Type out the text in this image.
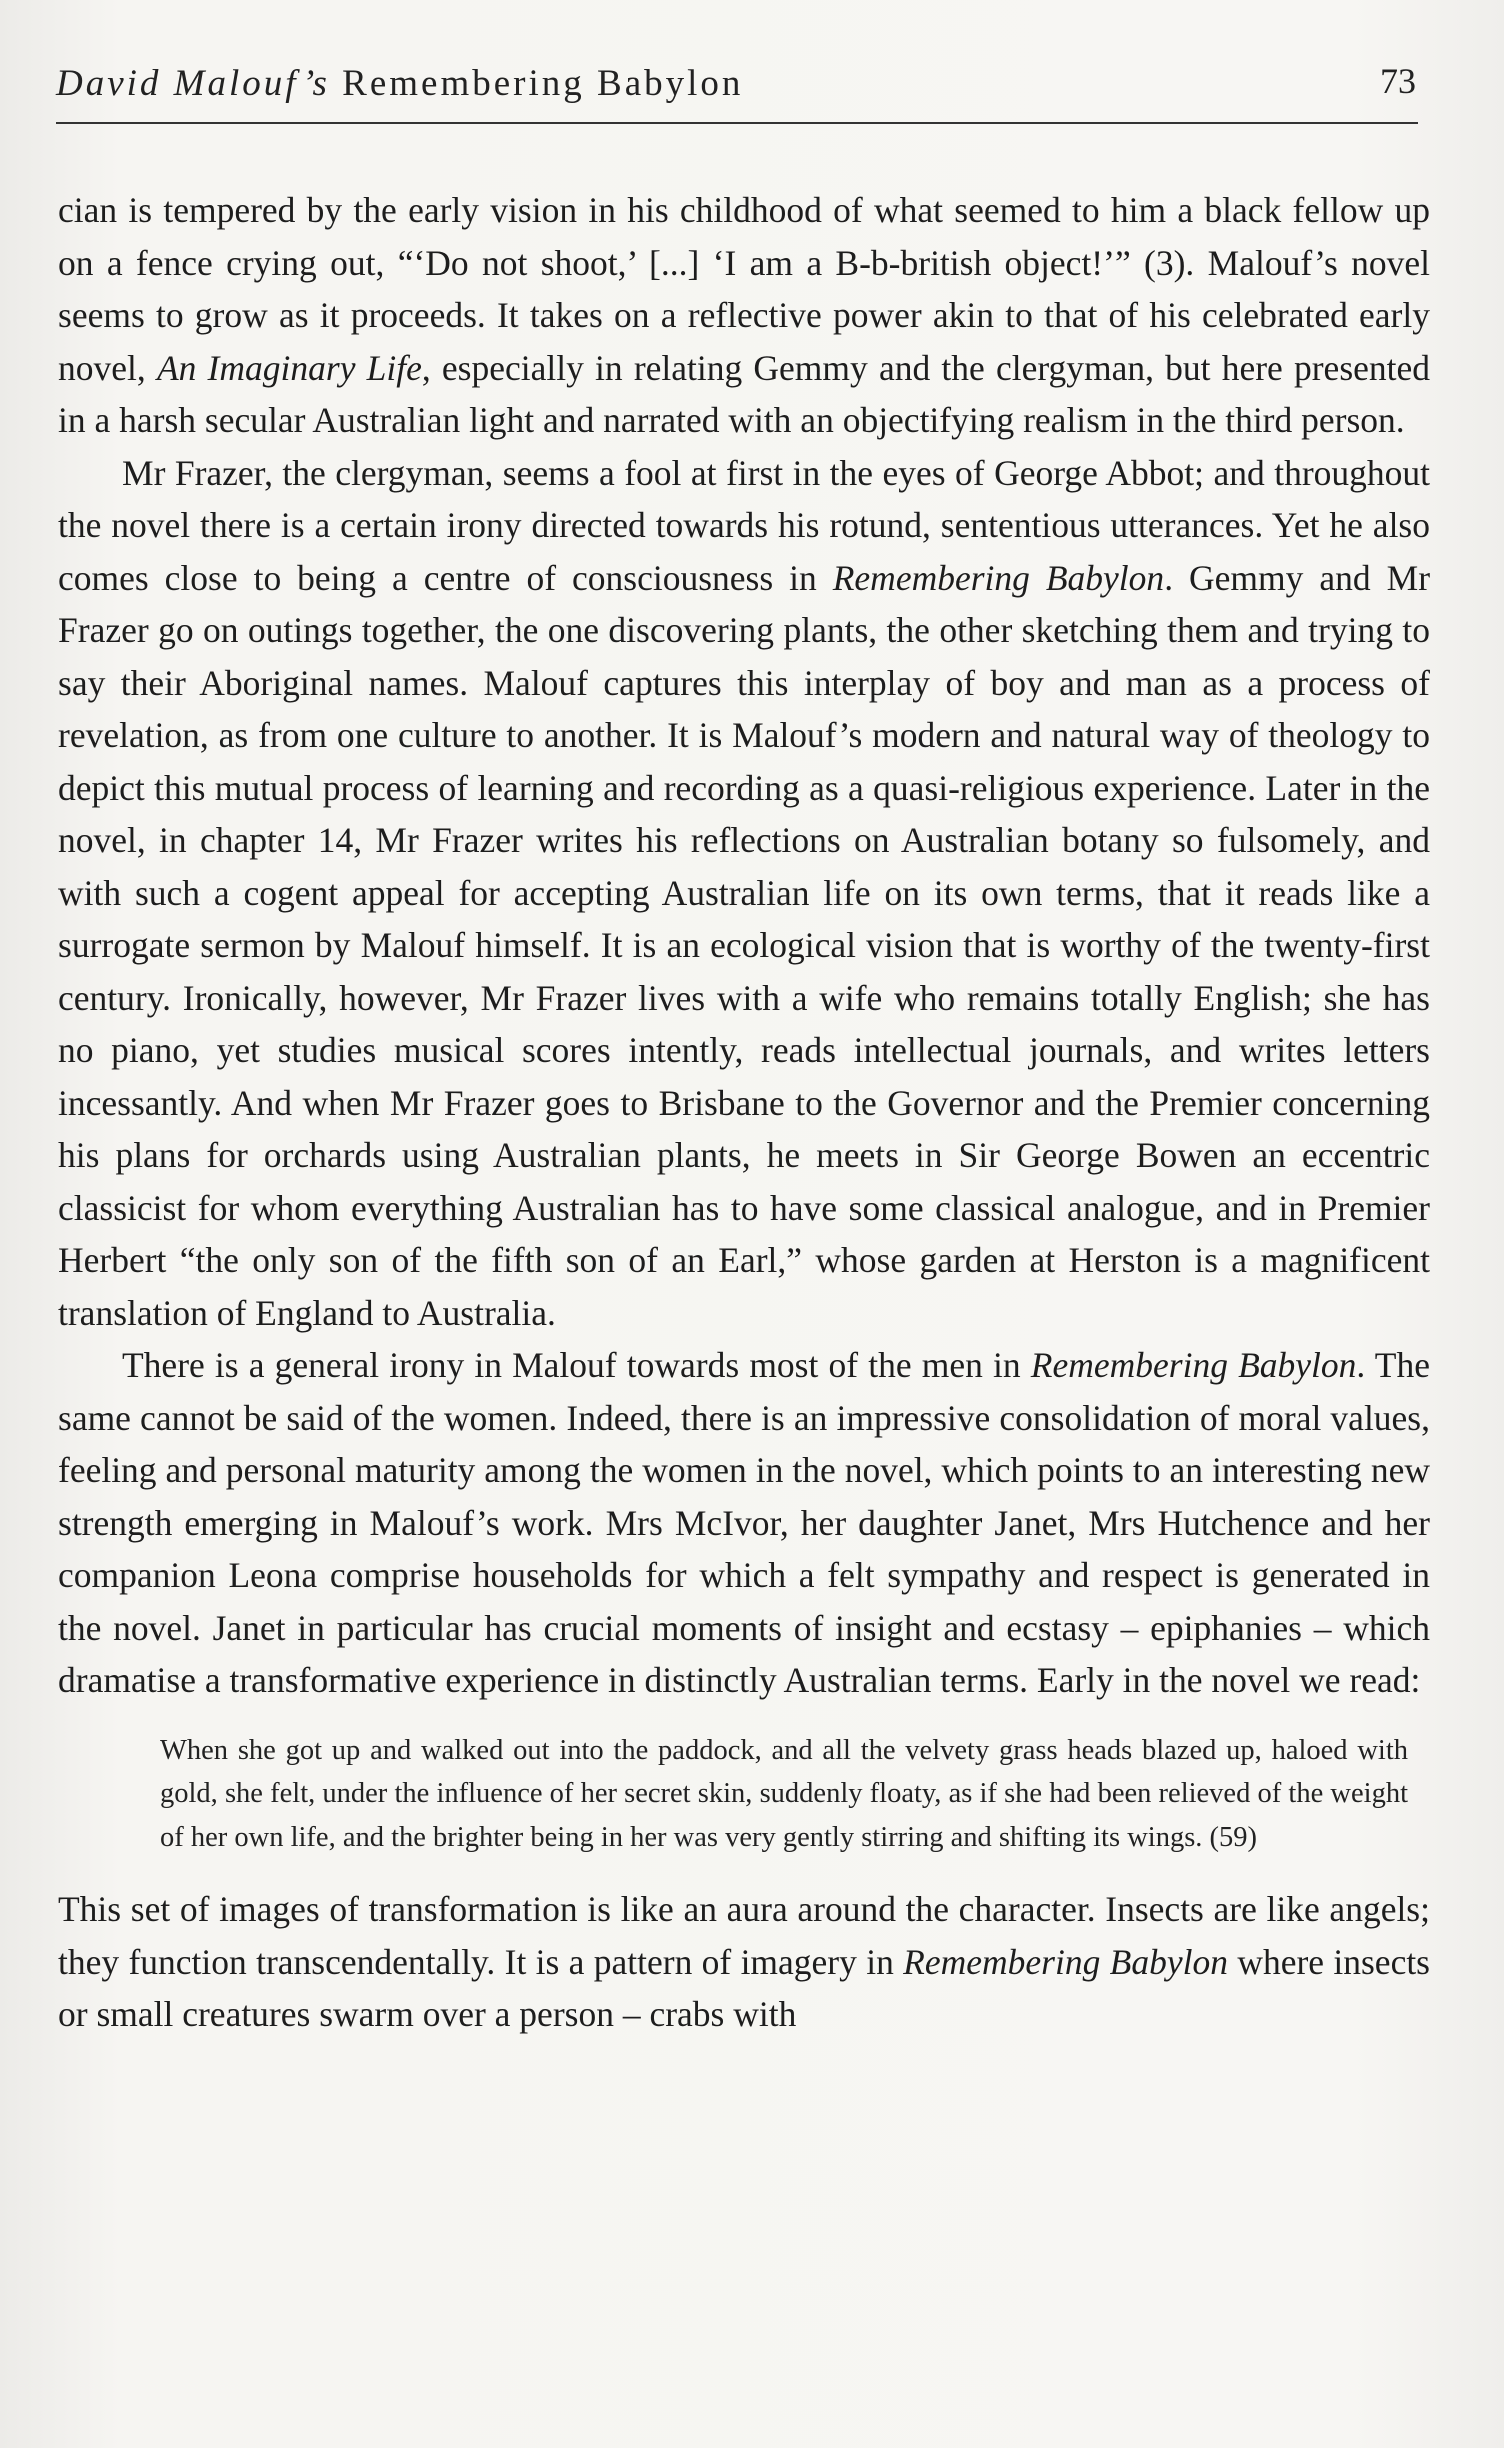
David Malouf’s Remembering Babylon	73

cian is tempered by the early vision in his childhood of what seemed to him a black fellow up on a fence crying out, “‘Do not shoot,’ [...] ‘I am a B-b-british object!’” (3). Malouf’s novel seems to grow as it proceeds. It takes on a reflective power akin to that of his celebrated early novel, An Imaginary Life, especially in relating Gemmy and the clergyman, but here presented in a harsh secular Australian light and narrated with an objectifying realism in the third person.

Mr Frazer, the clergyman, seems a fool at first in the eyes of George Abbot; and throughout the novel there is a certain irony directed towards his rotund, sententious utterances. Yet he also comes close to being a centre of consciousness in Remembering Babylon. Gemmy and Mr Frazer go on outings together, the one discovering plants, the other sketching them and trying to say their Aboriginal names. Malouf captures this interplay of boy and man as a process of revelation, as from one culture to another. It is Malouf’s modern and natural way of theology to depict this mutual process of learning and recording as a quasi-religious experience. Later in the novel, in chapter 14, Mr Frazer writes his reflections on Australian botany so fulsomely, and with such a cogent appeal for accepting Australian life on its own terms, that it reads like a surrogate sermon by Malouf himself. It is an ecological vision that is worthy of the twenty-first century. Ironically, however, Mr Frazer lives with a wife who remains totally English; she has no piano, yet studies musical scores intently, reads intellectual journals, and writes letters incessantly. And when Mr Frazer goes to Brisbane to the Governor and the Premier concerning his plans for orchards using Australian plants, he meets in Sir George Bowen an eccentric classicist for whom everything Australian has to have some classical analogue, and in Premier Herbert “the only son of the fifth son of an Earl,” whose garden at Herston is a magnificent translation of England to Australia.

There is a general irony in Malouf towards most of the men in Remembering Babylon. The same cannot be said of the women. Indeed, there is an impressive consolidation of moral values, feeling and personal maturity among the women in the novel, which points to an interesting new strength emerging in Malouf’s work. Mrs McIvor, her daughter Janet, Mrs Hutchence and her companion Leona comprise households for which a felt sympathy and respect is generated in the novel. Janet in particular has crucial moments of insight and ecstasy – epiphanies – which dramatise a transformative experience in distinctly Australian terms. Early in the novel we read:

When she got up and walked out into the paddock, and all the velvety grass heads blazed up, haloed with gold, she felt, under the influence of her secret skin, suddenly floaty, as if she had been relieved of the weight of her own life, and the brighter being in her was very gently stirring and shifting its wings. (59)

This set of images of transformation is like an aura around the character. Insects are like angels; they function transcendentally. It is a pattern of imagery in Remembering Babylon where insects or small creatures swarm over a person – crabs with
